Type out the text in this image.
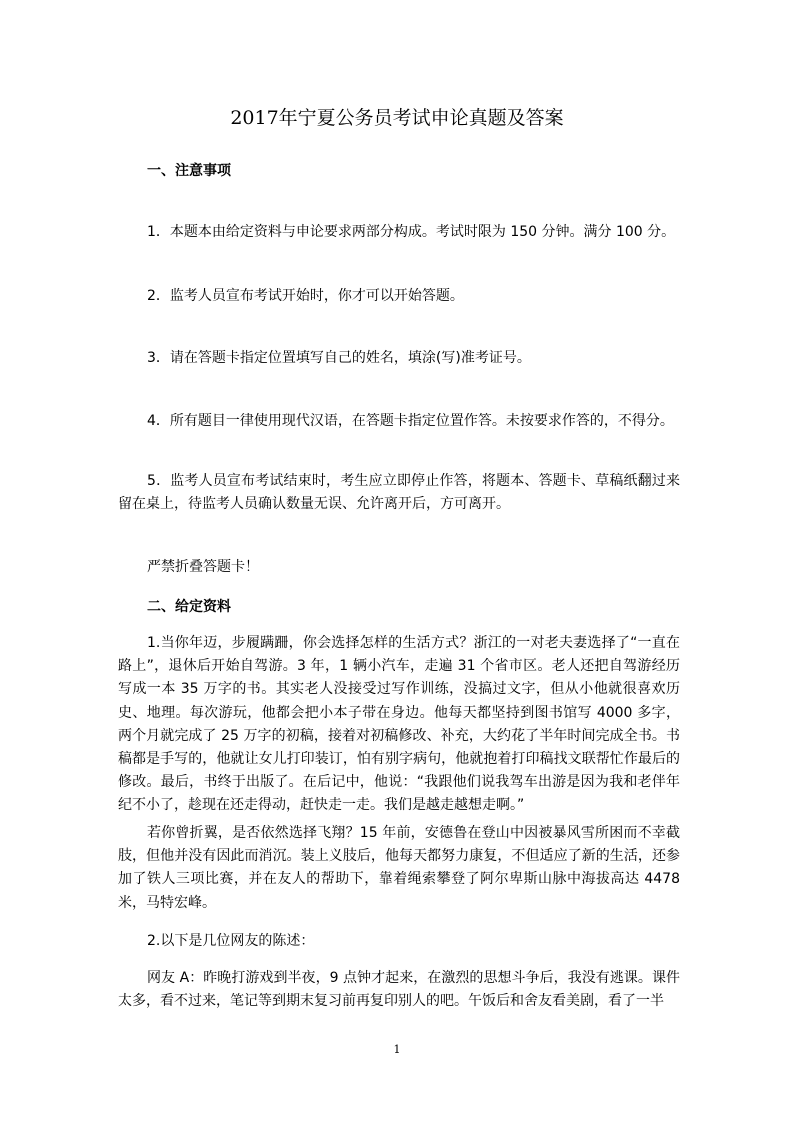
2017年宁夏公务员考试申论真题及答案
一、注意事项

1．本题本由给定资料与申论要求两部分构成。考试时限为 150 分钟。满分 100 分。

2．监考人员宣布考试开始时，你才可以开始答题。

3．请在答题卡指定位置填写自己的姓名，填涂(写)准考证号。

4．所有题目一律使用现代汉语，在答题卡指定位置作答。未按要求作答的，不得分。

5．监考人员宣布考试结束时，考生应立即停止作答，将题本、答题卡、草稿纸翻过来留在桌上，待监考人员确认数量无误、允许离开后，方可离开。

严禁折叠答题卡！

二、给定资料

1.当你年迈，步履蹒跚，你会选择怎样的生活方式？浙江的一对老夫妻选择了“一直在路上”，退休后开始自驾游。3 年，1 辆小汽车，走遍 31 个省市区。老人还把自驾游经历写成一本 35 万字的书。其实老人没接受过写作训练，没搞过文字，但从小他就很喜欢历史、地理。每次游玩，他都会把小本子带在身边。他每天都坚持到图书馆写 4000 多字，两个月就完成了 25 万字的初稿，接着对初稿修改、补充，大约花了半年时间完成全书。书稿都是手写的，他就让女儿打印装订，怕有别字病句，他就抱着打印稿找文联帮忙作最后的修改。最后，书终于出版了。在后记中，他说：“我跟他们说我驾车出游是因为我和老伴年纪不小了，趁现在还走得动，赶快走一走。我们是越走越想走啊。”

若你曾折翼，是否依然选择飞翔？15 年前，安德鲁在登山中因被暴风雪所困而不幸截肢，但他并没有因此而消沉。装上义肢后，他每天都努力康复，不但适应了新的生活，还参加了铁人三项比赛，并在友人的帮助下，靠着绳索攀登了阿尔卑斯山脉中海拔高达 4478 米，马特宏峰。

2.以下是几位网友的陈述：

网友 A：昨晚打游戏到半夜，9 点钟才起来，在激烈的思想斗争后，我没有逃课。课件太多，看不过来，笔记等到期末复习前再复印别人的吧。午饭后和舍友看美剧，看了一半

1
